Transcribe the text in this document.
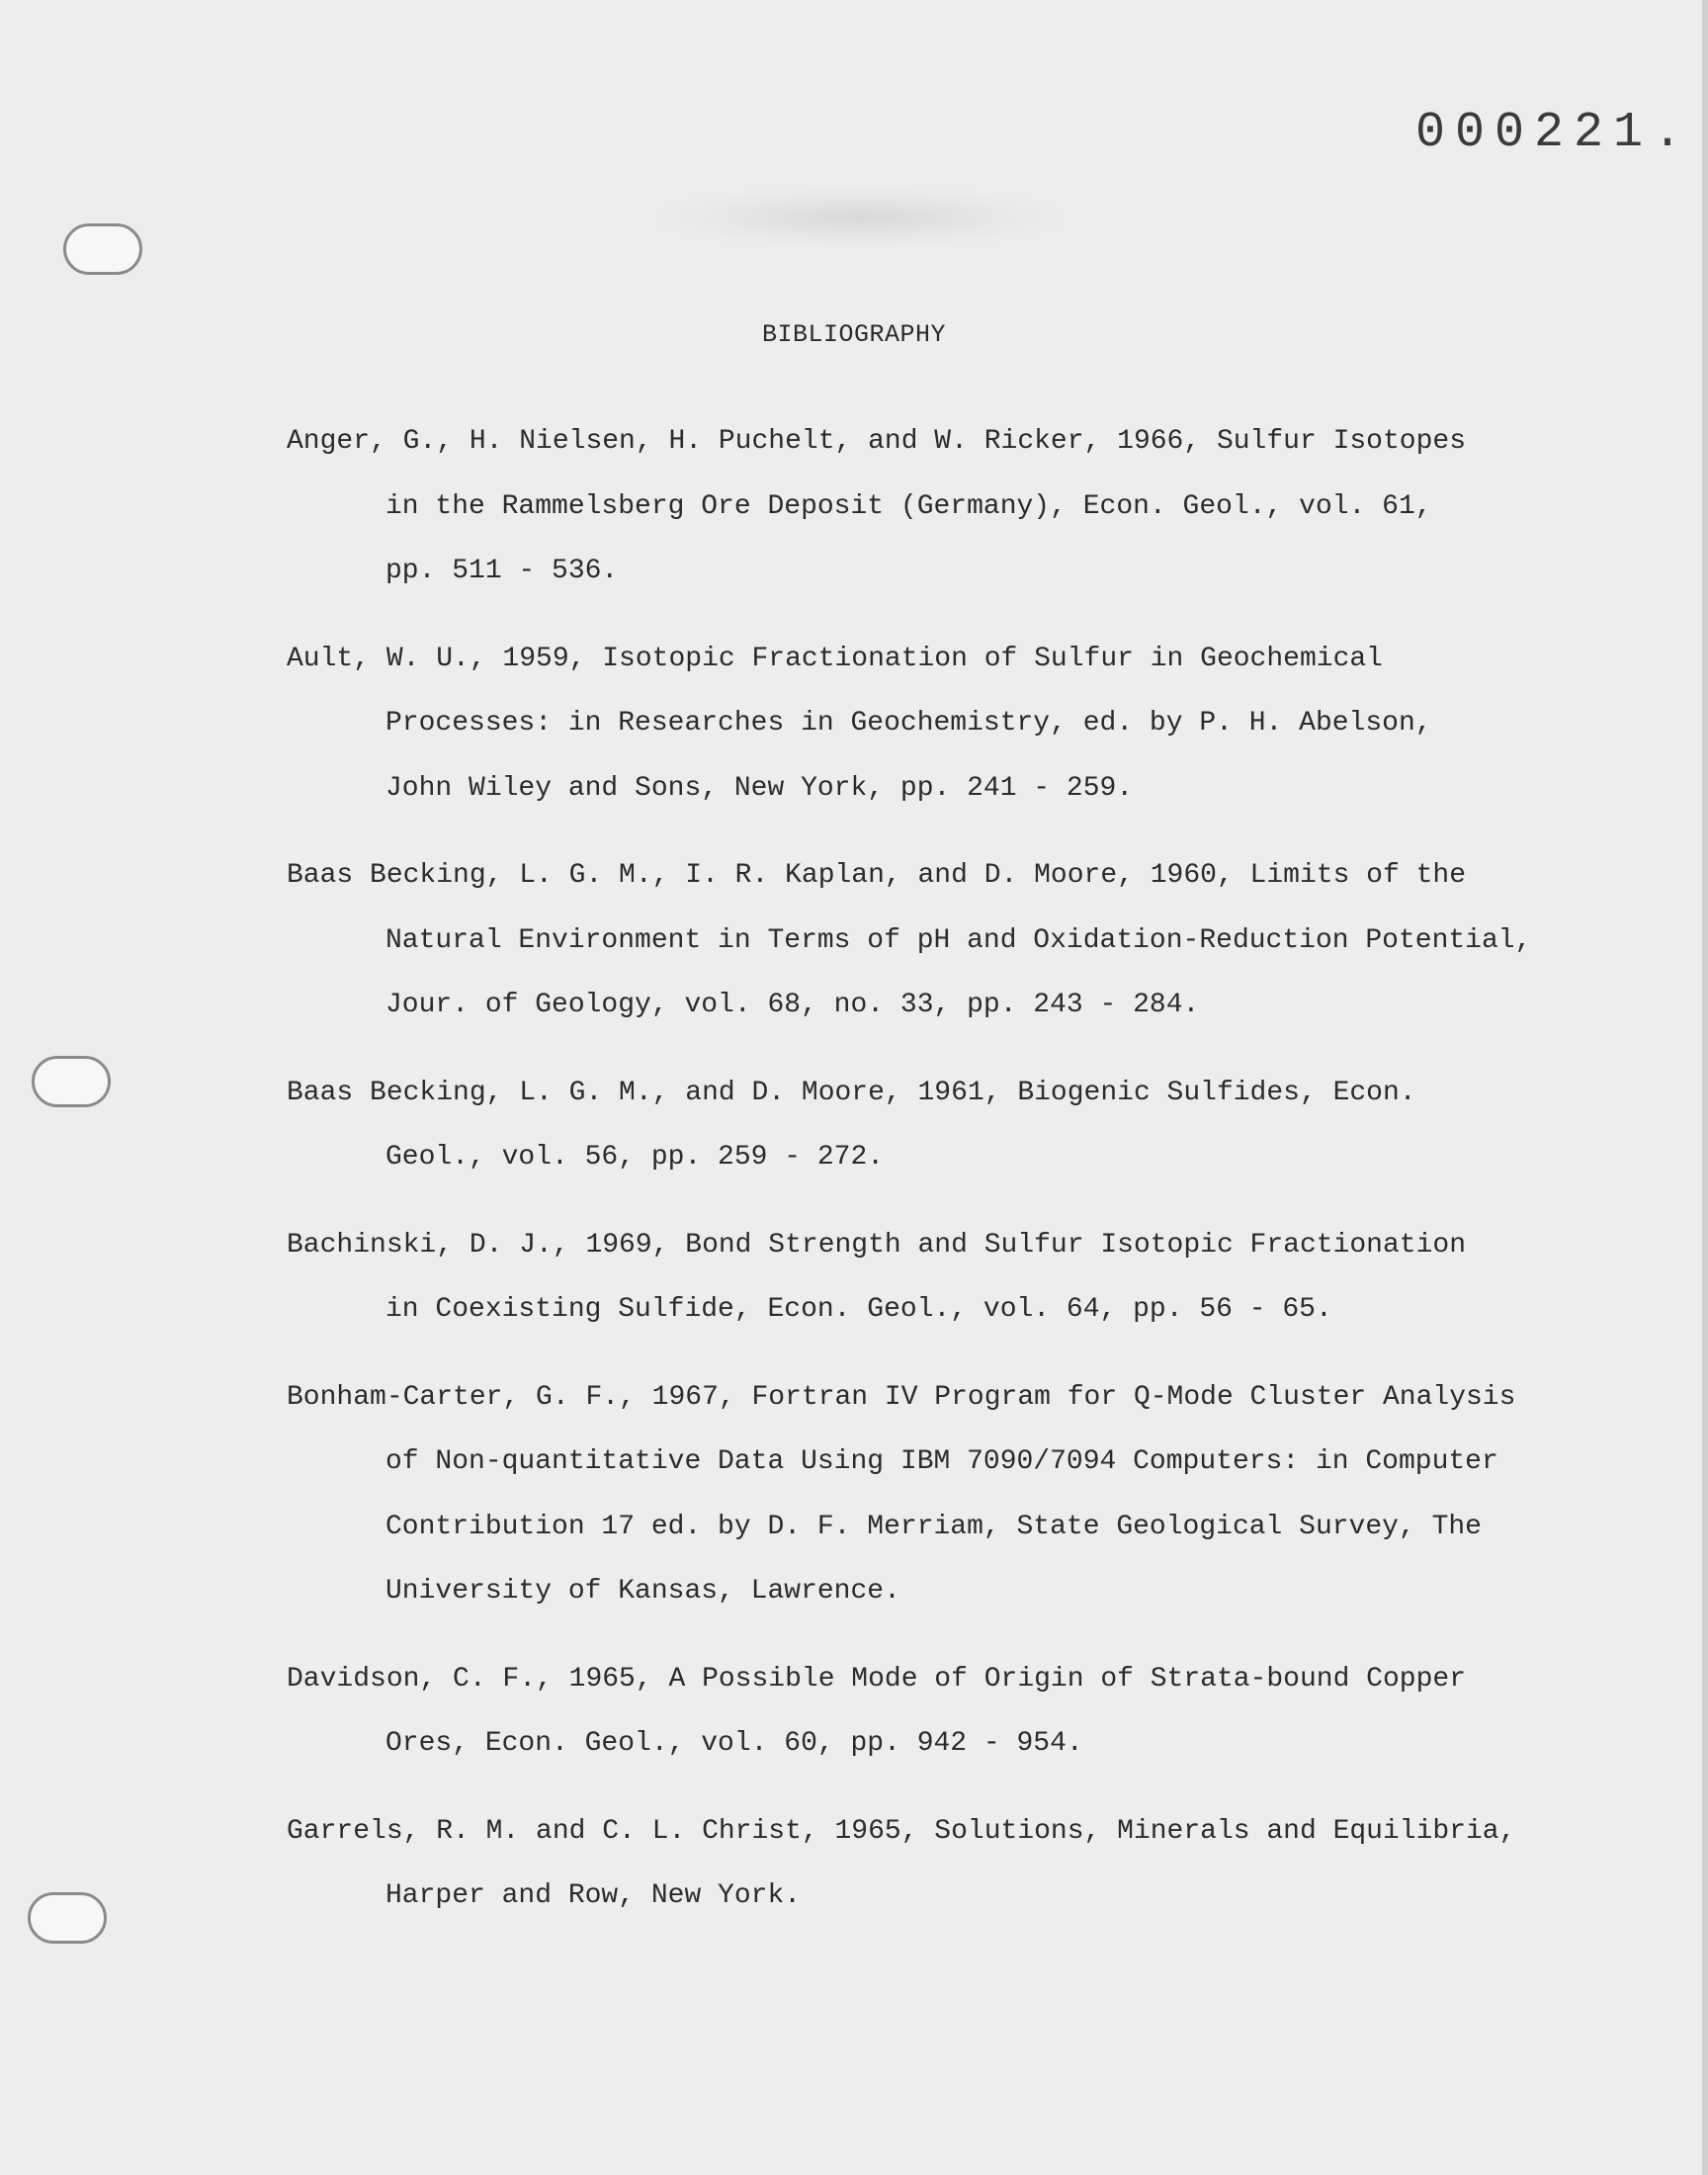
000221.
BIBLIOGRAPHY
Anger, G., H. Nielsen, H. Puchelt, and W. Ricker, 1966, Sulfur Isotopes
in the Rammelsberg Ore Deposit (Germany), Econ. Geol., vol. 61,
pp. 511 - 536.
Ault, W. U., 1959, Isotopic Fractionation of Sulfur in Geochemical
Processes: in Researches in Geochemistry, ed. by P. H. Abelson,
John Wiley and Sons, New York, pp. 241 - 259.
Baas Becking, L. G. M., I. R. Kaplan, and D. Moore, 1960, Limits of the
Natural Environment in Terms of pH and Oxidation-Reduction Potential,
Jour. of Geology, vol. 68, no. 33, pp. 243 - 284.
Baas Becking, L. G. M., and D. Moore, 1961, Biogenic Sulfides, Econ.
Geol., vol. 56, pp. 259 - 272.
Bachinski, D. J., 1969, Bond Strength and Sulfur Isotopic Fractionation
in Coexisting Sulfide, Econ. Geol., vol. 64, pp. 56 - 65.
Bonham-Carter, G. F., 1967, Fortran IV Program for Q-Mode Cluster Analysis
of Non-quantitative Data Using IBM 7090/7094 Computers: in Computer
Contribution 17 ed. by D. F. Merriam, State Geological Survey, The
University of Kansas, Lawrence.
Davidson, C. F., 1965, A Possible Mode of Origin of Strata-bound Copper
Ores, Econ. Geol., vol. 60, pp. 942 - 954.
Garrels, R. M. and C. L. Christ, 1965, Solutions, Minerals and Equilibria,
Harper and Row, New York.
